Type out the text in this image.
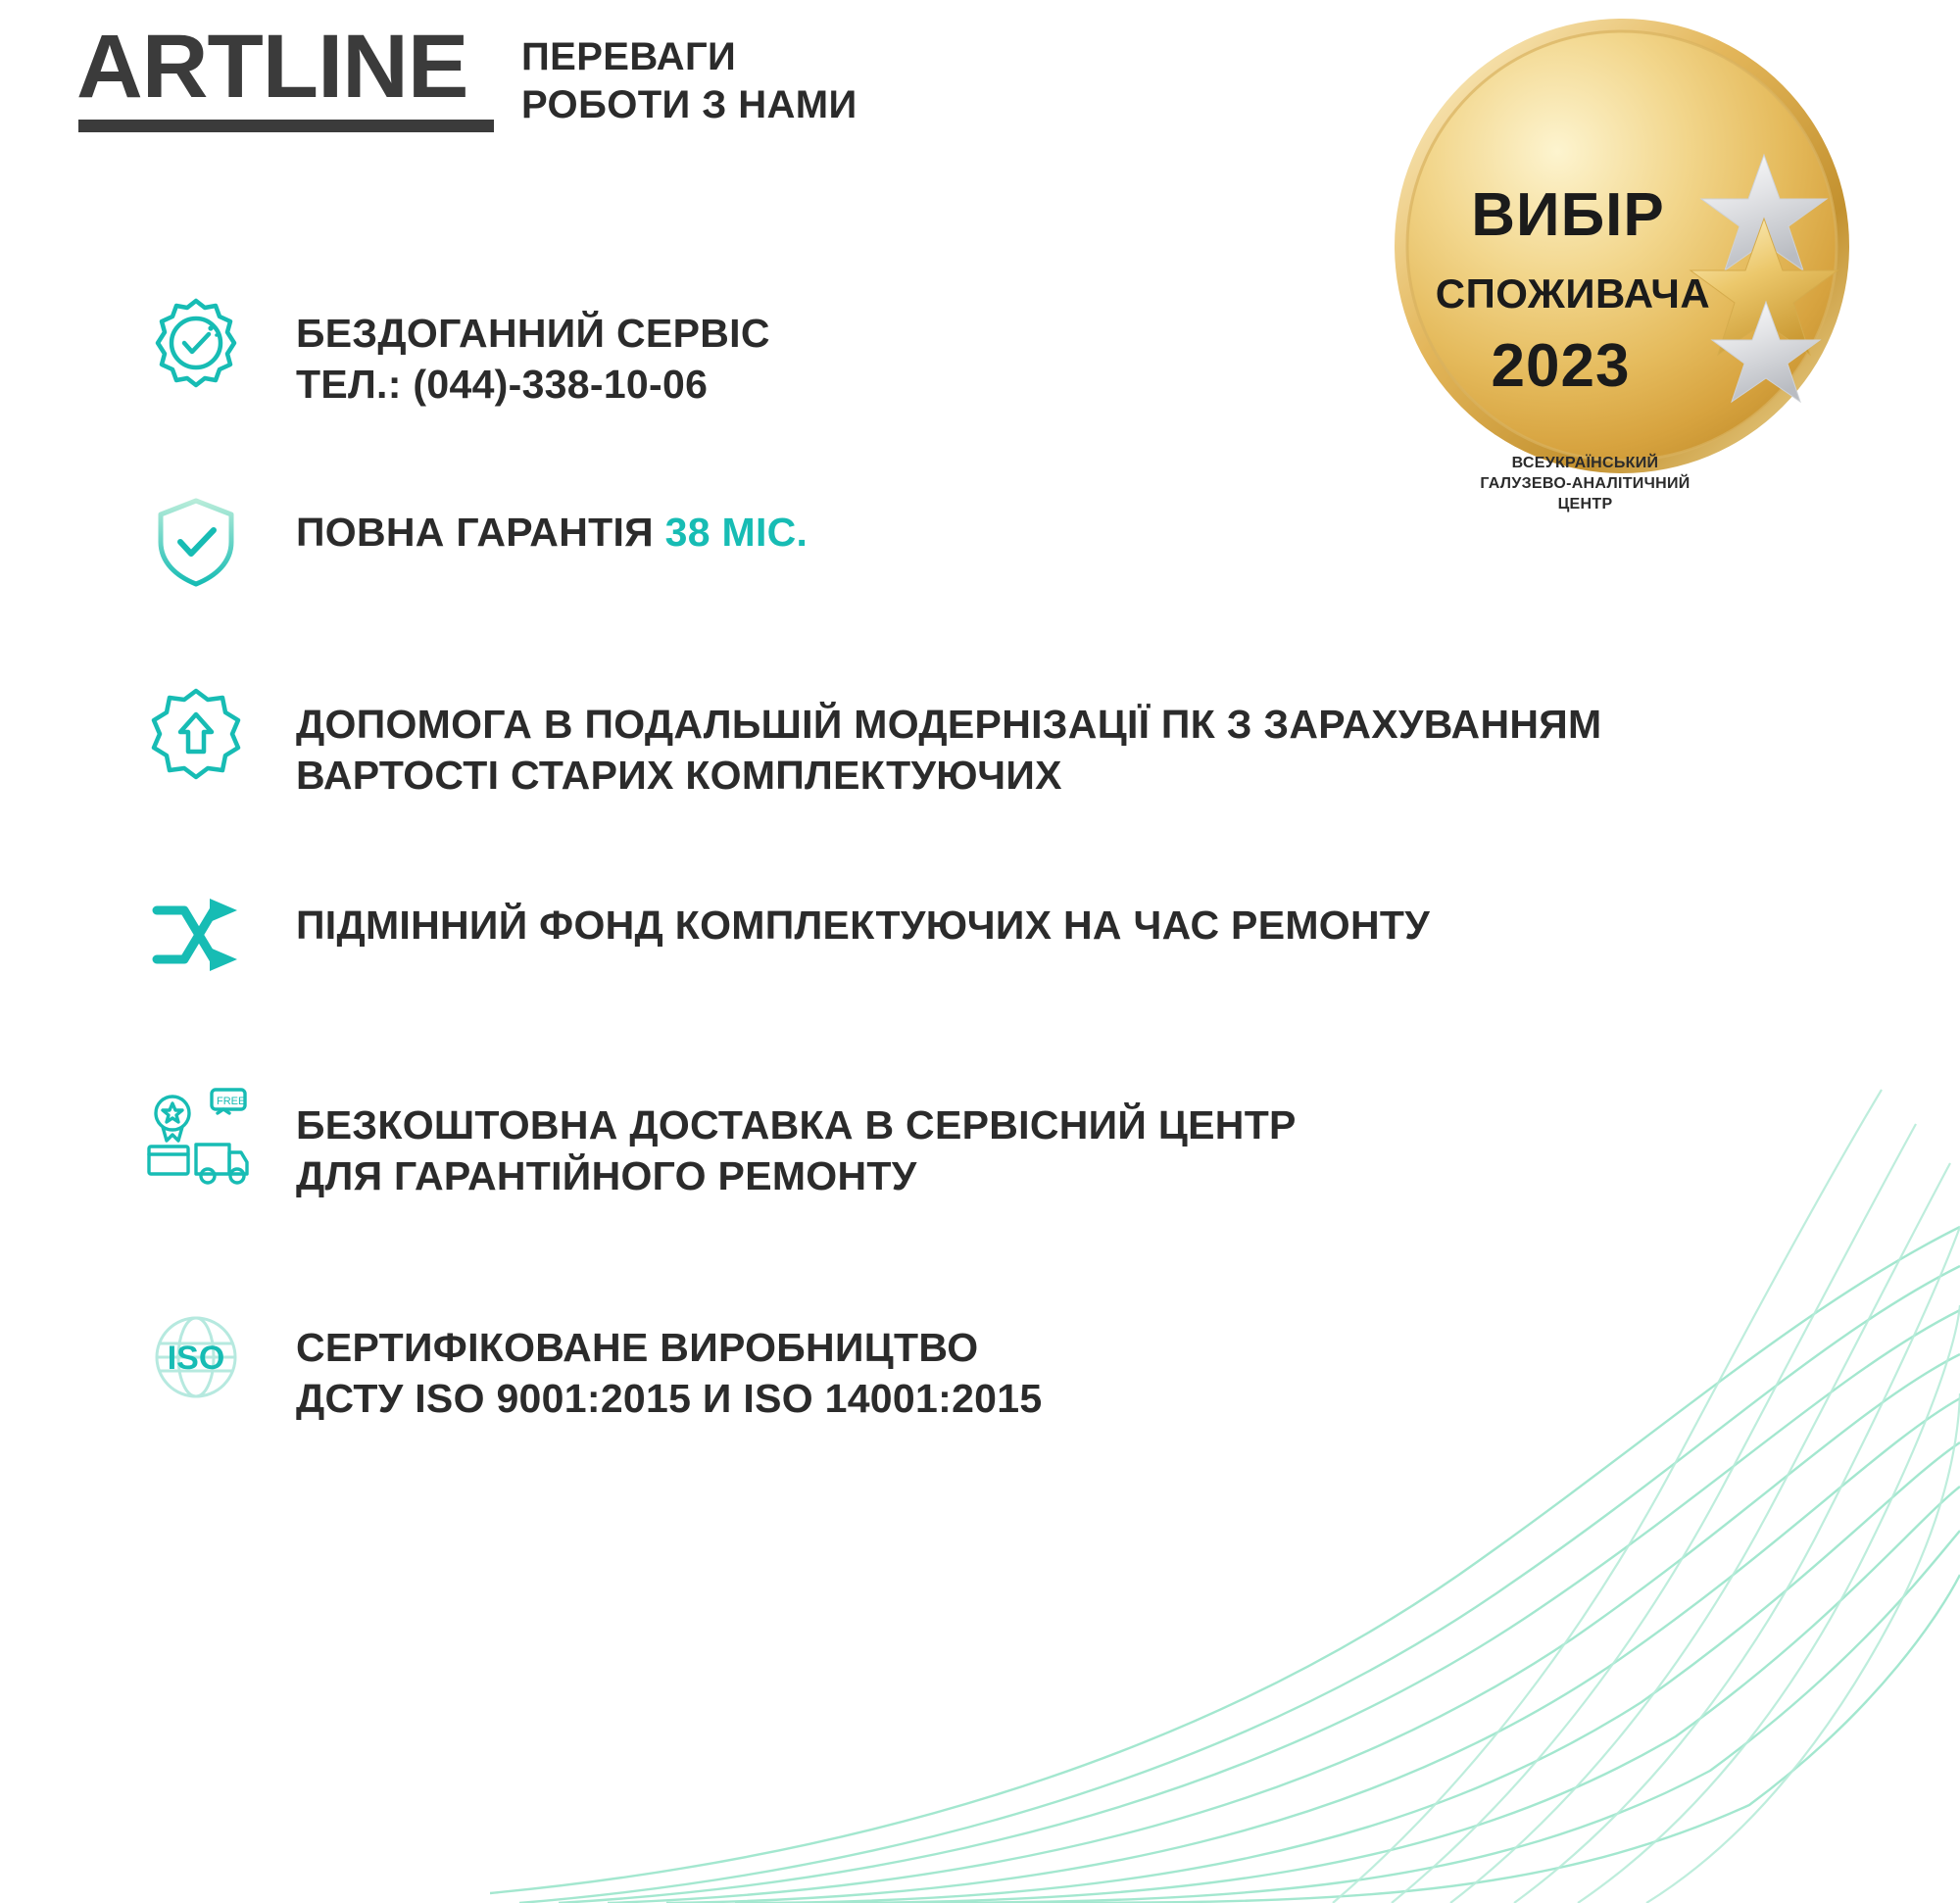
ARTLINE	ПЕРЕВАГИ
РОБОТИ З НАМИ
ВИБІР
СПОЖИВАЧА
2023
ВСЕУКРАЇНСЬКИЙ
ГАЛУЗЕВО-АНАЛІТИЧНИЙ
ЦЕНТР
БЕЗДОГАННИЙ СЕРВІС
ТЕЛ.: (044)-338-10-06
ПОВНА ГАРАНТІЯ 38 МІС.
ДОПОМОГА В ПОДАЛЬШІЙ МОДЕРНІЗАЦІЇ ПК З ЗАРАХУВАННЯМ
ВАРТОСТІ СТАРИХ КОМПЛЕКТУЮЧИХ
ПІДМІННИЙ ФОНД КОМПЛЕКТУЮЧИХ НА ЧАС РЕМОНТУ
FREE
БЕЗКОШТОВНА ДОСТАВКА В СЕРВІСНИЙ ЦЕНТР
ДЛЯ ГАРАНТІЙНОГО РЕМОНТУ
ISO СЕРТИФІКОВАНЕ ВИРОБНИЦТВО
ДСТУ ISO 9001:2015 И ISO 14001:2015
